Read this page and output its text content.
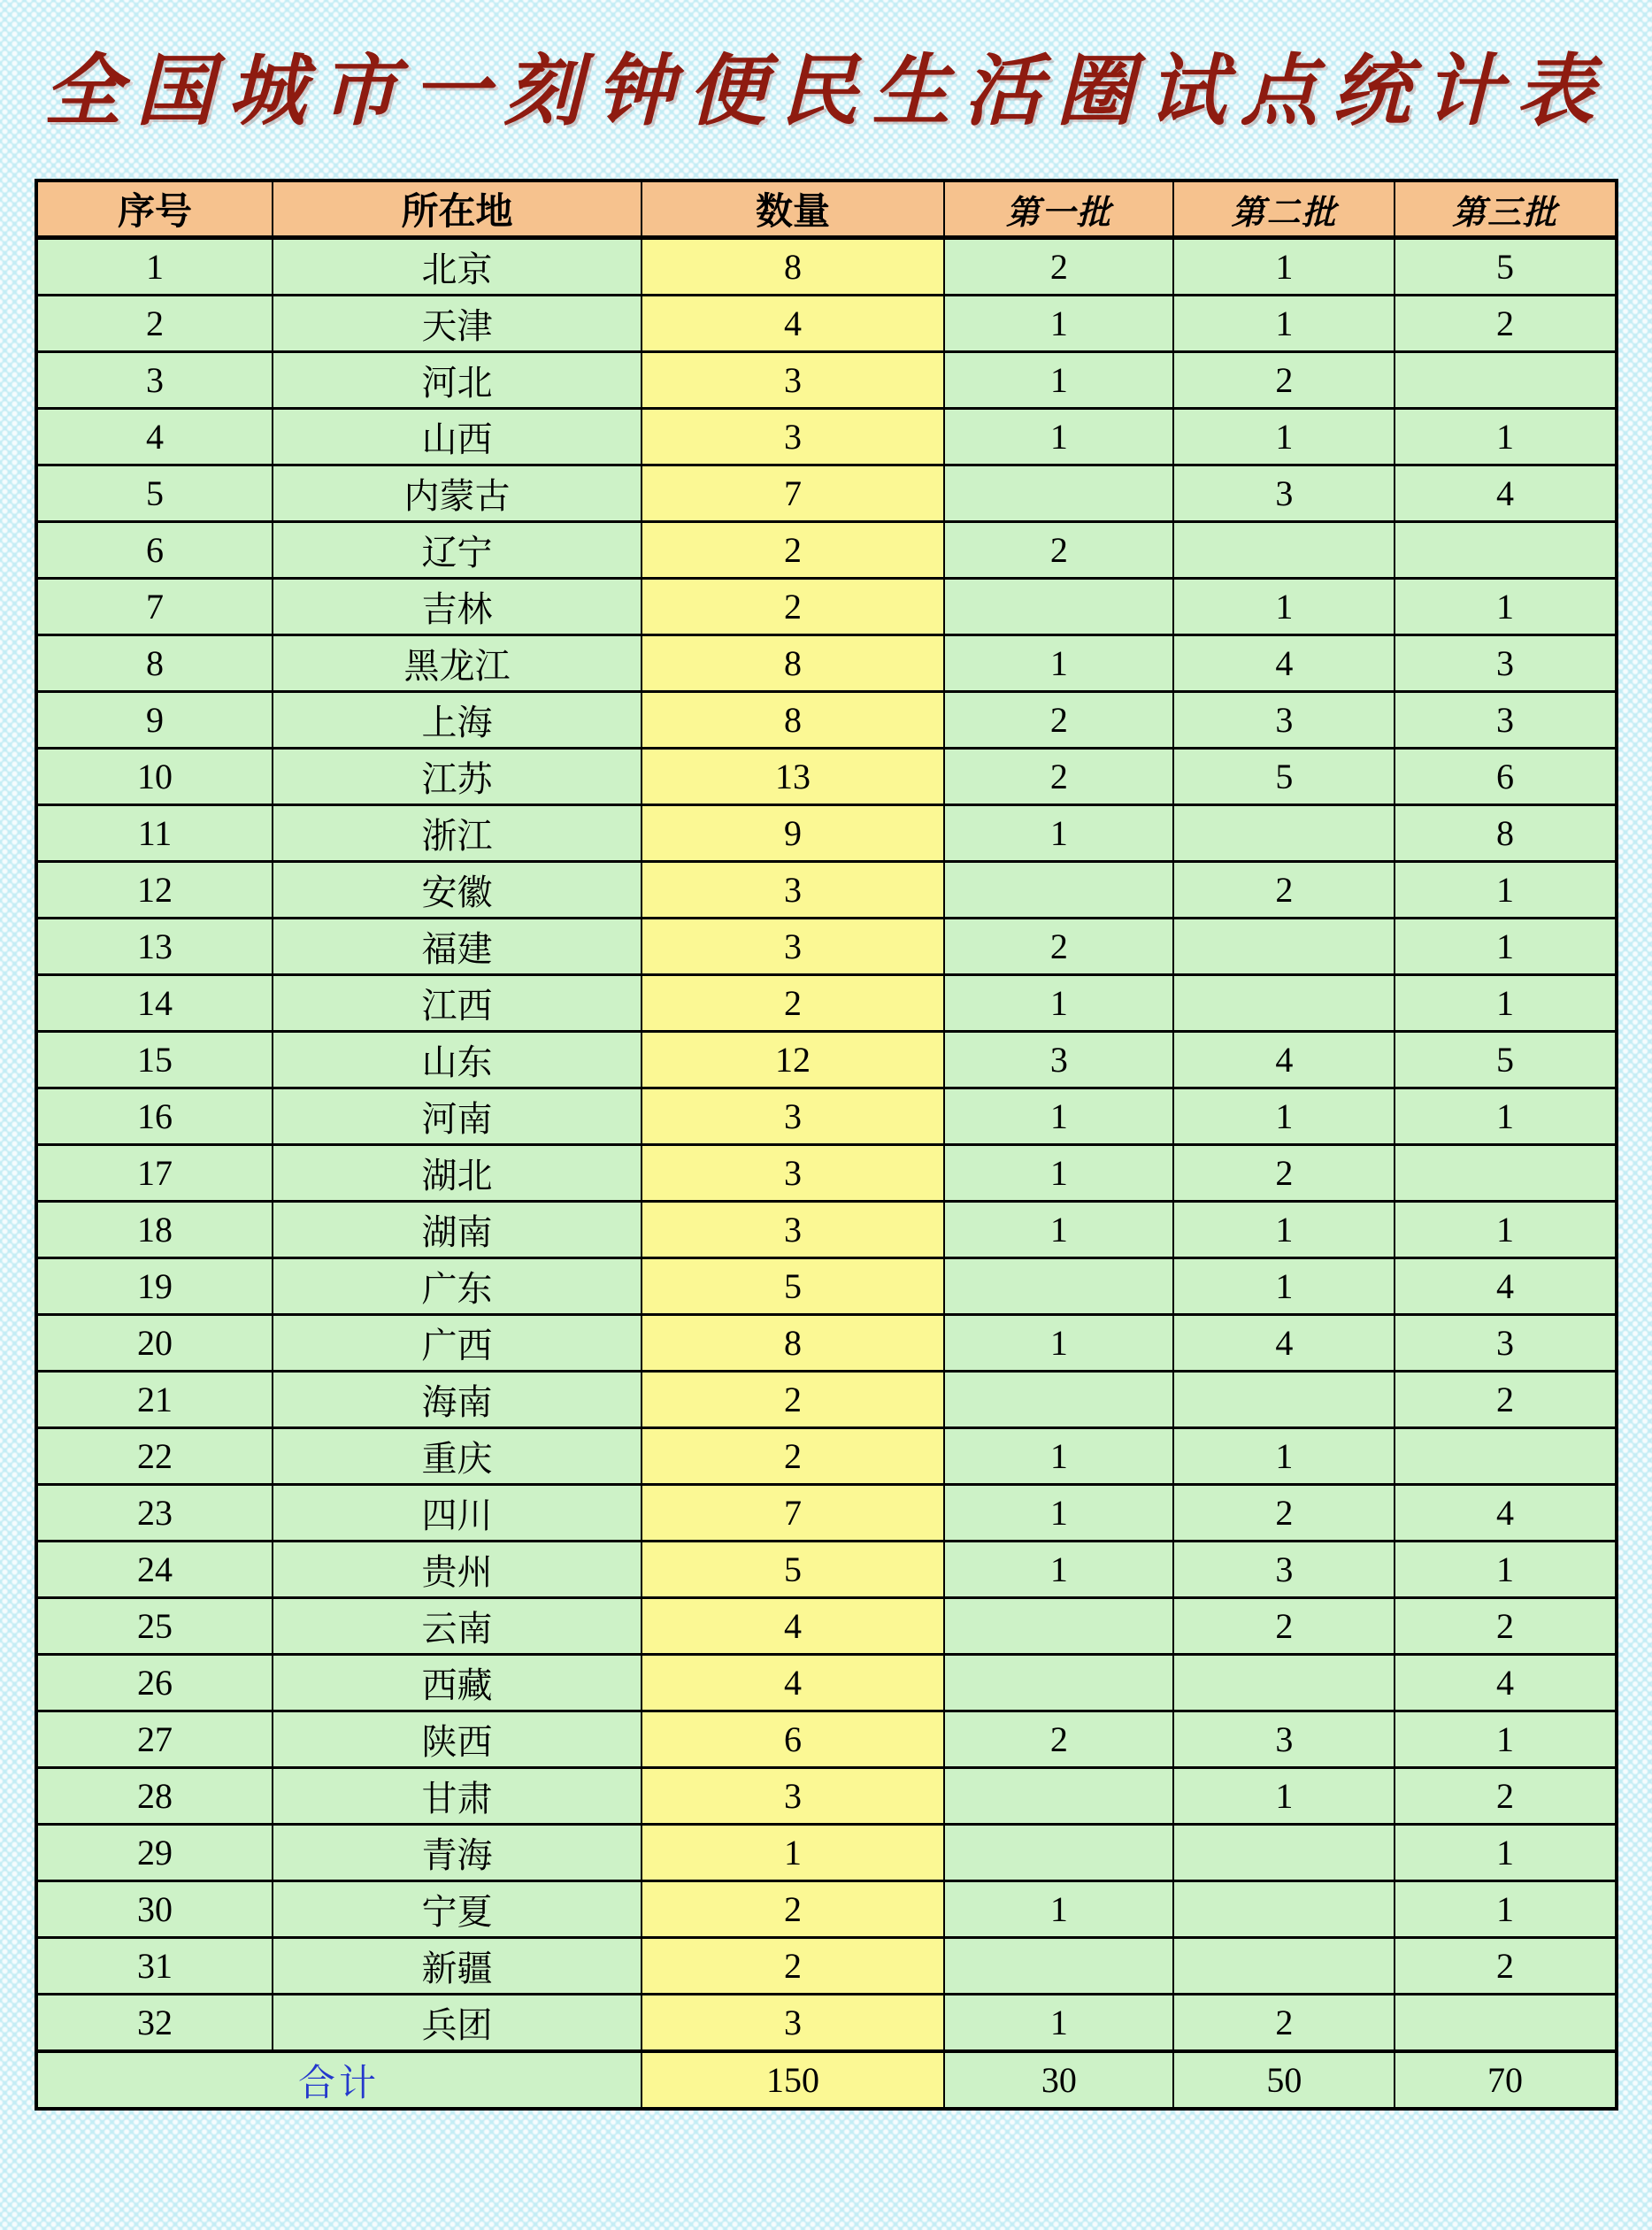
全国城市一刻钟便民生活圈试点统计表
序号	所在地	数量	第一批	第二批	第三批
1	北京	8	2	1	5
2	天津	4	1	1	2
3	河北	3	1	2	
4	山西	3	1	1	1
5	内蒙古	7		3	4
6	辽宁	2	2		
7	吉林	2		1	1
8	黑龙江	8	1	4	3
9	上海	8	2	3	3
10	江苏	13	2	5	6
11	浙江	9	1		8
12	安徽	3		2	1
13	福建	3	2		1
14	江西	2	1		1
15	山东	12	3	4	5
16	河南	3	1	1	1
17	湖北	3	1	2	
18	湖南	3	1	1	1
19	广东	5		1	4
20	广西	8	1	4	3
21	海南	2			2
22	重庆	2	1	1	
23	四川	7	1	2	4
24	贵州	5	1	3	1
25	云南	4		2	2
26	西藏	4			4
27	陕西	6	2	3	1
28	甘肃	3		1	2
29	青海	1			1
30	宁夏	2	1		1
31	新疆	2			2
32	兵团	3	1	2	
合计		150	30	50	70
